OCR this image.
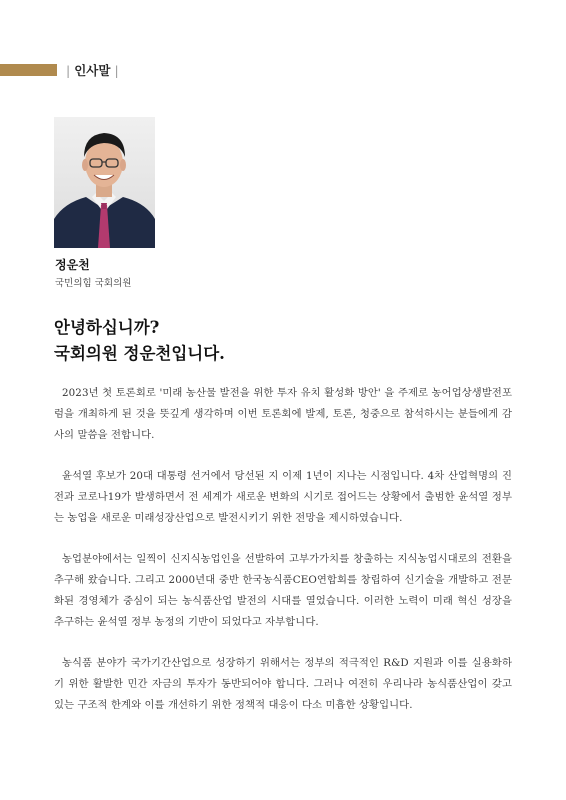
| 인사말 |
정운천
국민의힘 국회의원
안녕하십니까?
국회의원 정운천입니다.

2023년 첫 토론회로 '미래 농산물 발전을 위한 투자 유치 활성화 방안' 을 주제로 농어업상생발전포럼을 개최하게 된 것을 뜻깊게 생각하며 이번 토론회에 발제, 토론, 청중으로 참석하시는 분들에게 감사의 말씀을 전합니다.

윤석열 후보가 20대 대통령 선거에서 당선된 지 이제 1년이 지나는 시점입니다. 4차 산업혁명의 진전과 코로나19가 발생하면서 전 세계가 새로운 변화의 시기로 접어드는 상황에서 출범한 윤석열 정부는 농업을 새로운 미래성장산업으로 발전시키기 위한 전망을 제시하였습니다.

농업분야에서는 일찍이 신지식농업인을 선발하여 고부가가치를 창출하는 지식농업시대로의 전환을 추구해 왔습니다. 그리고 2000년대 중반 한국농식품CEO연합회를 창립하여 신기술을 개발하고 전문화된 경영체가 중심이 되는 농식품산업 발전의 시대를 열었습니다. 이러한 노력이 미래 혁신 성장을 추구하는 윤석열 정부 농정의 기반이 되었다고 자부합니다.

농식품 분야가 국가기간산업으로 성장하기 위해서는 정부의 적극적인 R&D 지원과 이를 실용화하기 위한 활발한 민간 자금의 투자가 동반되어야 합니다. 그러나 여전히 우리나라 농식품산업이 갖고 있는 구조적 한계와 이를 개선하기 위한 정책적 대응이 다소 미흡한 상황입니다.
